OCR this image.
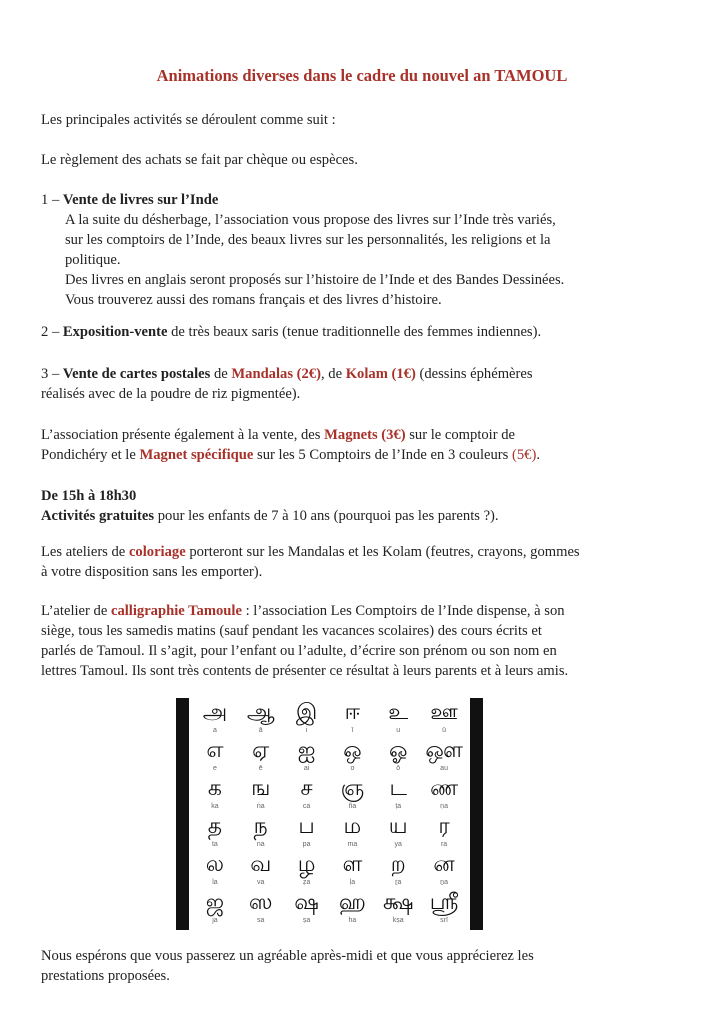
Animations diverses dans le cadre du nouvel an TAMOUL
Les principales activités se déroulent comme suit :
Le règlement des achats se fait par chèque ou espèces.
1 – Vente de livres sur l’Inde
A la suite du désherbage, l’association vous propose des livres sur l’Inde très variés,
sur les comptoirs de l’Inde, des beaux livres sur les personnalités, les religions et la
politique.
Des livres en anglais seront proposés sur l’histoire de l’Inde et des Bandes Dessinées.
Vous trouverez aussi des romans français et des livres d’histoire.
2 – Exposition-vente de très beaux saris (tenue traditionnelle des femmes indiennes).
3 – Vente de cartes postales de Mandalas (2€), de Kolam (1€) (dessins éphémères
réalisés avec de la poudre de riz pigmentée).
L’association présente également à la vente, des Magnets (3€) sur le comptoir de
Pondichéry et le Magnet spécifique sur les 5 Comptoirs de l’Inde en 3 couleurs (5€).
De 15h à 18h30
Activités gratuites pour les enfants de 7 à 10 ans (pourquoi pas les parents ?).
Les ateliers de coloriage porteront sur les Mandalas et les Kolam (feutres, crayons, gommes
à votre disposition sans les emporter).
L’atelier de calligraphie Tamoule : l’association Les Comptoirs de l’Inde dispense, à son
siège, tous les samedis matins (sauf pendant les vacances scolaires) des cours écrits et
parlés de Tamoul. Il s’agit, pour l’enfant ou l’adulte, d’écrire son prénom ou son nom en
lettres Tamoul. Ils sont très contents de présenter ce résultat à leurs parents et à leurs amis.
அ
a
ஆ
ā
இ
i
ஈ
ī
உ
u
ஊ
ū
எ
e
ஏ
ē
ஐ
ai
ஒ
o
ஓ
ō
ஔ
au
க
ka
ங
ṅa
ச
ca
ஞ
ña
ட
ṭa
ண
ṇa
த
ta
ந
na
ப
pa
ம
ma
ய
ya
ர
ra
ல
la
வ
va
ழ
ẓa
ள
ḷa
ற
ṟa
ன
ṉa
ஜ
ja
ஸ
sa
ஷ
ṣa
ஹ
ha
க்ஷ
kṣa
ஸ்ரீ
srī
Nous espérons que vous passerez un agréable après-midi et que vous apprécierez les
prestations proposées.
